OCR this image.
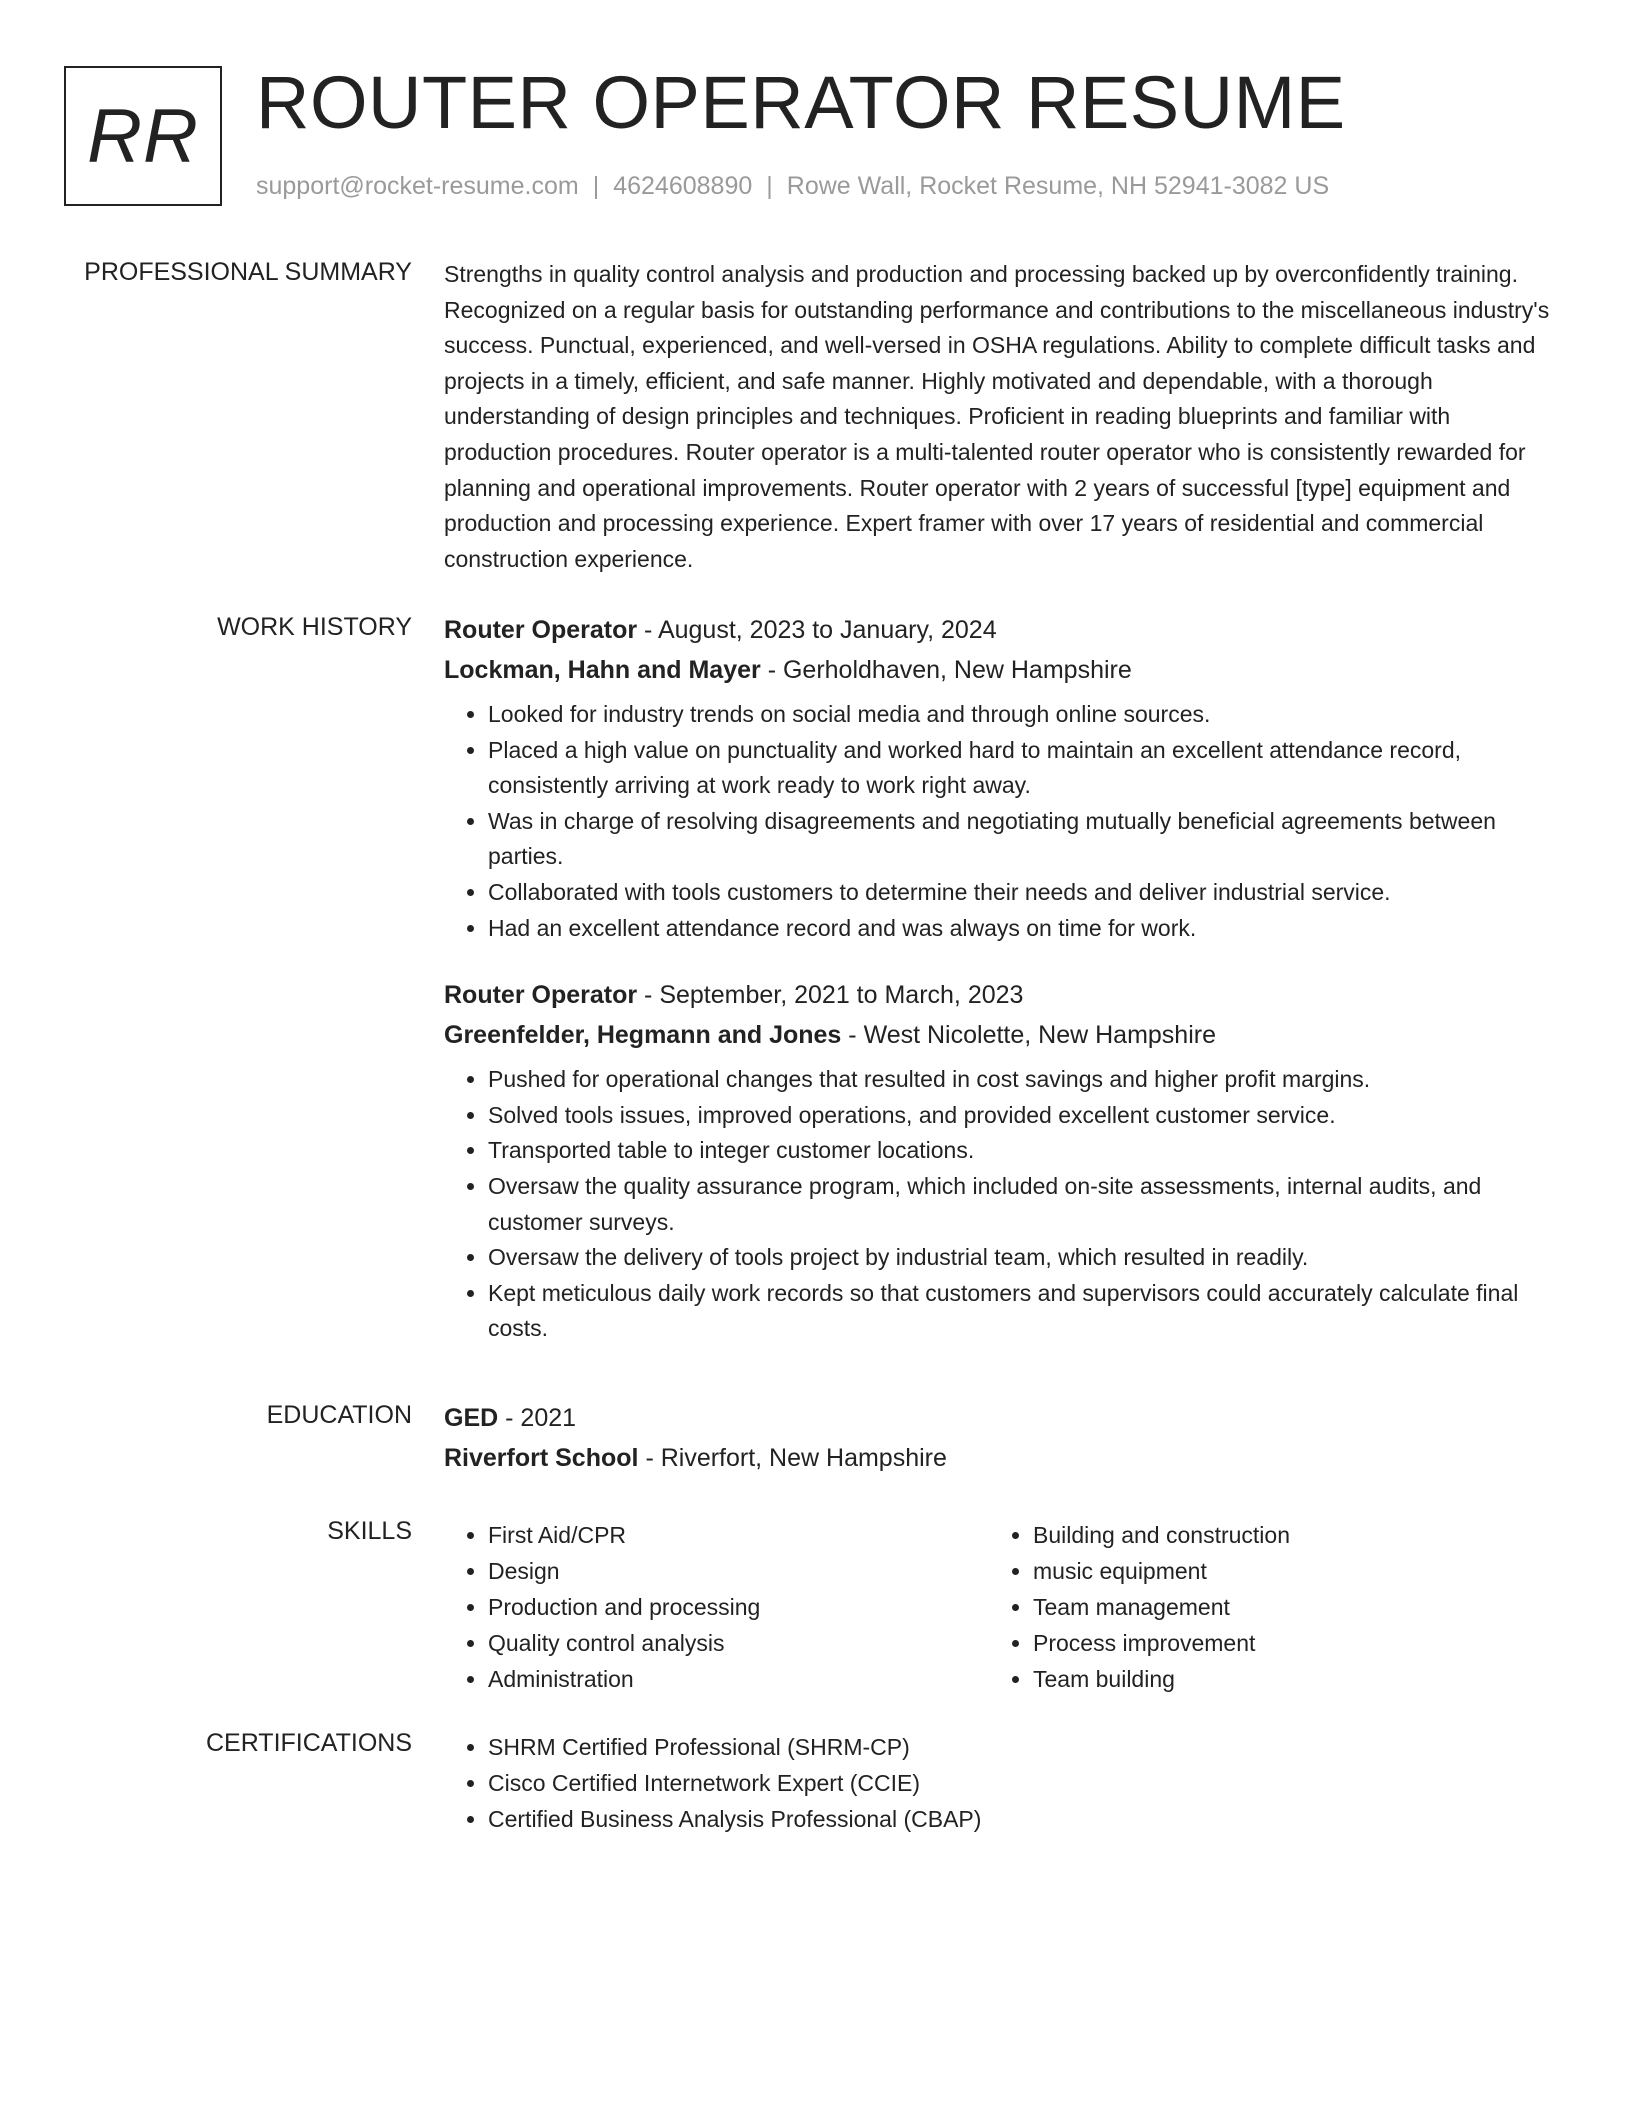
RR ROUTER OPERATOR RESUME
support@rocket-resume.com | 4624608890 | Rowe Wall, Rocket Resume, NH 52941-3082 US
PROFESSIONAL SUMMARY Strengths in quality control analysis and production and processing backed up by overconfidently training. Recognized on a regular basis for outstanding performance and contributions to the miscellaneous industry's success. Punctual, experienced, and well-versed in OSHA regulations. Ability to complete difficult tasks and projects in a timely, efficient, and safe manner. Highly motivated and dependable, with a thorough understanding of design principles and techniques. Proficient in reading blueprints and familiar with production procedures. Router operator is a multi-talented router operator who is consistently rewarded for planning and operational improvements. Router operator with 2 years of successful [type] equipment and production and processing experience. Expert framer with over 17 years of residential and commercial construction experience.

WORK HISTORY Router Operator - August, 2023 to January, 2024
Lockman, Hahn and Mayer - Gerholdhaven, New Hampshire
• Looked for industry trends on social media and through online sources.
• Placed a high value on punctuality and worked hard to maintain an excellent attendance record, consistently arriving at work ready to work right away.
• Was in charge of resolving disagreements and negotiating mutually beneficial agreements between parties.
• Collaborated with tools customers to determine their needs and deliver industrial service.
• Had an excellent attendance record and was always on time for work.
Router Operator - September, 2021 to March, 2023
Greenfelder, Hegmann and Jones - West Nicolette, New Hampshire
• Pushed for operational changes that resulted in cost savings and higher profit margins.
• Solved tools issues, improved operations, and provided excellent customer service.
• Transported table to integer customer locations.
• Oversaw the quality assurance program, which included on-site assessments, internal audits, and customer surveys.
• Oversaw the delivery of tools project by industrial team, which resulted in readily.
• Kept meticulous daily work records so that customers and supervisors could accurately calculate final costs.
EDUCATION GED - 2021
Riverfort School - Riverfort, New Hampshire
SKILLS	• First Aid/CPR
• Design
• Production and processing
• Quality control analysis
• Administration
• Building and construction
• music equipment
• Team management
• Process improvement
• Team building
CERTIFICATIONS	• SHRM Certified Professional (SHRM-CP)
• Cisco Certified Internetwork Expert (CCIE)
• Certified Business Analysis Professional (CBAP)
